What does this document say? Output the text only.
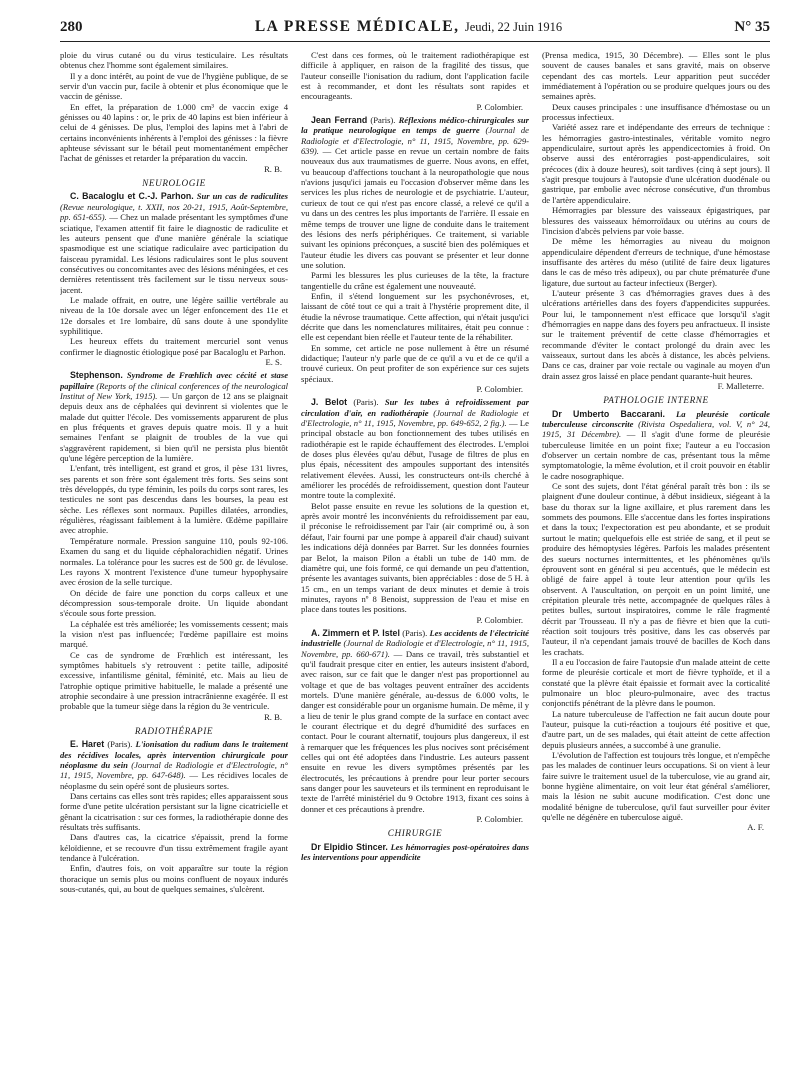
280	LA PRESSE MÉDICALE, Jeudi, 22 Juin 1916	N° 35

ploie du virus cutané ou du virus testiculaire. Les résultats obtenus chez l'homme sont également similaires.

Il y a donc intérêt, au point de vue de l'hygiène publique, de se servir d'un vaccin pur, facile à obtenir et plus économique que le vaccin de génisse.

En effet, la préparation de 1.000 cm³ de vaccin exige 4 génisses ou 40 lapins : or, le prix de 40 lapins est bien inférieur à celui de 4 génisses. De plus, l'emploi des lapins met à l'abri de certains inconvénients inhérents à l'emploi des génisses : la fièvre aphteuse sévissant sur le bétail peut momentanément empêcher l'achat de génisses et retarder la préparation du vaccin.

R. B.
NEUROLOGIE

C. Bacaloglu et C.-J. Parhon. Sur un cas de radiculites (Revue neurologique, t. XXII, nos 20-21, 1915, Août-Septembre, pp. 651-655). — Chez un malade présentant les symptômes d'une sciatique, l'examen attentif fit faire le diagnostic de radiculite et les auteurs pensent que d'une manière générale la sciatique spasmodique est une sciatique radiculaire avec participation du faisceau pyramidal. Les lésions radiculaires sont le plus souvent consécutives ou concomitantes avec des lésions méningées, et ces dernières retentissent très facilement sur le tissu nerveux sous-jacent.

Le malade offrait, en outre, une légère saillie vertébrale au niveau de la 10e dorsale avec un léger enfoncement des 11e et 12e dorsales et 1re lombaire, dû sans doute à une spondylite syphilitique.

Les heureux effets du traitement mercuriel sont venus confirmer le diagnostic étiologique posé par Bacaloglu et Parhon.

E. S.

Stephenson. Syndrome de Frœhlich avec cécité et stase papillaire (Reports of the clinical conferences of the neurological Institut of New York, 1915). — Un garçon de 12 ans se plaignait depuis deux ans de céphalées qui devinrent si violentes que le malade dut quitter l'école. Des vomissements apparurent de plus en plus fréquents et graves depuis quatre mois. Il y a huit semaines l'enfant se plaignit de troubles de la vue qui s'aggravèrent rapidement, si bien qu'il ne persista plus bientôt qu'une légère perception de la lumière.

L'enfant, très intelligent, est grand et gros, il pèse 131 livres, ses parents et son frère sont également très forts. Ses seins sont très développés, du type féminin, les poils du corps sont rares, les testicules ne sont pas descendus dans les bourses, la peau est sèche. Les réflexes sont normaux. Pupilles dilatées, arrondies, régulières, réagissant faiblement à la lumière. Œdème papillaire avec atrophie.

Température normale. Pression sanguine 110, pouls 92-106. Examen du sang et du liquide céphalorachidien négatif. Urines normales. La tolérance pour les sucres est de 500 gr. de lévulose. Les rayons X montrent l'existence d'une tumeur hypophysaire avec érosion de la selle turcique.

On décide de faire une ponction du corps calleux et une décompression sous-temporale droite. Un liquide abondant s'écoule sous forte pression.

La céphalée est très améliorée; les vomissements cessent; mais la vision n'est pas influencée; l'œdème papillaire est moins marqué.

Ce cas de syndrome de Frœhlich est intéressant, les symptômes habituels s'y retrouvent : petite taille, adiposité excessive, infantilisme génital, féminité, etc. Mais au lieu de l'atrophie optique primitive habituelle, le malade a présenté une atrophie secondaire à une pression intracrânienne exagérée. Il est probable que la tumeur siège dans la région du 3e ventricule.

R. B.
RADIOTHÉRAPIE

E. Haret (Paris). L'ionisation du radium dans le traitement des récidives locales, après intervention chirurgicale pour néoplasme du sein (Journal de Radiologie et d'Electrologie, n° 11, 1915, Novembre, pp. 647-648). — Les récidives locales de néoplasme du sein opéré sont de plusieurs sortes.

Dans certains cas elles sont très rapides; elles apparaissent sous forme d'une petite ulcération persistant sur la ligne cicatricielle et gênant la cicatrisation : sur ces formes, la radiothérapie donne des résultats très suffisants.

Dans d'autres cas, la cicatrice s'épaissit, prend la forme kéloïdienne, et se recouvre d'un tissu extrêmement fragile ayant tendance à l'ulcération.

Enfin, d'autres fois, on voit apparaître sur toute la région thoracique un semis plus ou moins confluent de noyaux indurés sous-cutanés, qui, au bout de quelques semaines, s'ulcèrent.

C'est dans ces formes, où le traitement radiothérapique est difficile à appliquer, en raison de la fragilité des tissus, que l'auteur conseille l'ionisation du radium, dont l'application facile est à recommander, et dont les résultats sont rapides et encourageants.

P. Colombier.

Jean Ferrand (Paris). Réflexions médico-chirurgicales sur la pratique neurologique en temps de guerre (Journal de Radiologie et d'Electrologie, n° 11, 1915, Novembre, pp. 629-639). — Cet article passe en revue un certain nombre de faits nouveaux dus aux traumatismes de guerre. Nous avons, en effet, vu beaucoup d'affections touchant à la neuropathologie que nous n'avions jusqu'ici jamais eu l'occasion d'observer même dans les services les plus riches de neurologie et de psychiatrie. L'auteur, curieux de tout ce qui n'est pas encore classé, a relevé ce qu'il a vu dans un des centres les plus importants de l'arrière. Il essaie en même temps de trouver une ligne de conduite dans le traitement des lésions des nerfs périphériques. Ce traitement, si variable suivant les opinions préconçues, a suscité bien des polémiques et l'auteur étudie les divers cas pouvant se présenter et leur donne une solution.

Parmi les blessures les plus curieuses de la tête, la fracture tangentielle du crâne est également une nouveauté.

Enfin, il s'étend longuement sur les psychonévroses, et, laissant de côté tout ce qui a trait à l'hystérie proprement dite, il étudie la névrose traumatique. Cette affection, qui n'était jusqu'ici décrite que dans les nomenclatures militaires, était peu connue : elle est cependant bien réelle et l'auteur tente de la réhabiliter.

En somme, cet article ne pose nullement à être un résumé didactique; l'auteur n'y parle que de ce qu'il a vu et de ce qu'il a trouvé curieux. On peut profiter de son expérience sur ces sujets spéciaux.

P. Colombier.

J. Belot (Paris). Sur les tubes à refroidissement par circulation d'air, en radiothérapie (Journal de Radiologie et d'Electrologie, n° 11, 1915, Novembre, pp. 649-652, 2 fig.). — Le principal obstacle au bon fonctionnement des tubes utilisés en radiothérapie est le rapide échauffement des électrodes. L'emploi de doses plus élevées qu'au début, l'usage de filtres de plus en plus épais, nécessitent des ampoules supportant des intensités relativement élevées. Aussi, les constructeurs ont-ils cherché à améliorer les procédés de refroidissement, question dont l'auteur montre toute la complexité.

Belot passe ensuite en revue les solutions de la question et, après avoir montré les inconvénients du refroidissement par eau, il préconise le refroidissement par l'air (air comprimé ou, à son défaut, l'air fourni par une pompe à appareil d'air chaud) suivant les indications déjà données par Barret. Sur les données fournies par Belot, la maison Pilon a établi un tube de 140 mm. de diamètre qui, une fois formé, ce qui demande un peu d'attention, présente les avantages suivants, bien appréciables : dose de 5 H. à 15 cm., en un temps variant de deux minutes et demie à trois minutes, rayons nº 8 Benoist, suppression de l'eau et mise en place dans toutes les positions.

P. Colombier.

A. Zimmern et P. Istel (Paris). Les accidents de l'électricité industrielle (Journal de Radiologie et d'Electrologie, n° 11, 1915, Novembre, pp. 660-671). — Dans ce travail, très substantiel et qu'il faudrait presque citer en entier, les auteurs insistent d'abord, avec raison, sur ce fait que le danger n'est pas proportionnel au voltage et que de bas voltages peuvent entraîner des accidents mortels. D'une manière générale, au-dessus de 6.000 volts, le danger est considérable pour un organisme humain. De même, il y a lieu de tenir le plus grand compte de la surface en contact avec le courant électrique et du degré d'humidité des surfaces en contact. Pour le courant alternatif, toujours plus dangereux, il est à remarquer que les fréquences les plus nocives sont précisément celles qui ont été adoptées dans l'industrie. Les auteurs passent ensuite en revue les divers symptômes présentés par les électrocutés, les précautions à prendre pour leur porter secours sans danger pour les sauveteurs et ils terminent en reproduisant le texte de l'arrêté ministériel du 9 Octobre 1913, fixant ces soins à donner et ces précautions à prendre.

P. Colombier.
CHIRURGIE

Dr Elpidio Stincer. Les hémorragies post-opératoires dans les interventions pour appendicite

(Prensa medica, 1915, 30 Décembre). — Elles sont le plus souvent de causes banales et sans gravité, mais on observe cependant des cas mortels. Leur apparition peut succéder immédiatement à l'opération ou se produire quelques jours ou des semaines après.

Deux causes principales : une insuffisance d'hémostase ou un processus infectieux.

Variété assez rare et indépendante des erreurs de technique : les hémorragies gastro-intestinales, véritable vomito negro appendiculaire, surtout après les appendicectomies à froid. On observe aussi des entérorragies post-appendiculaires, soit précoces (dix à douze heures), soit tardives (cinq à sept jours). Il s'agit presque toujours à l'autopsie d'une ulcération duodénale ou gastrique, par embolie avec nécrose consécutive, d'un thrombus de l'artère appendiculaire.

Hémorragies par blessure des vaisseaux épigastriques, par blessures des vaisseaux hémorroïdaux ou utérins au cours de l'incision d'abcès pelviens par voie basse.

De même les hémorragies au niveau du moignon appendiculaire dépendent d'erreurs de technique, d'une hémostase insuffisante des artères du méso (utilité de faire deux ligatures dans le cas de méso très adipeux), ou par chute prématurée d'une ligature, due surtout au facteur infectieux (Berger).

L'auteur présente 3 cas d'hémorragies graves dues à des ulcérations artérielles dans des foyers d'appendicites suppurées. Pour lui, le tamponnement n'est efficace que lorsqu'il s'agit d'hémorragies en nappe dans des foyers peu anfractueux. Il insiste sur le traitement préventif de cette classe d'hémorragies et recommande d'éviter le contact prolongé du drain avec les vaisseaux, surtout dans les abcès à distance, les abcès pelviens. Dans ce cas, drainer par voie rectale ou vaginale au moyen d'un drain assez gros laissé en place pendant quarante-huit heures.

F. Malleterre.
PATHOLOGIE INTERNE

Dr Umberto Baccarani. La pleurésie corticale tuberculeuse circonscrite (Rivista Ospedaliera, vol. V, n° 24, 1915, 31 Décembre). — Il s'agit d'une forme de pleurésie tuberculeuse limitée en un point fixe; l'auteur a eu l'occasion d'observer un certain nombre de cas, présentant tous la même symptomatologie, la même évolution, et il croit pouvoir en établir le cadre nosographique.

Ce sont des sujets, dont l'état général paraît très bon : ils se plaignent d'une douleur continue, à début insidieux, siégeant à la base du thorax sur la ligne axillaire, et plus rarement dans les sommets des poumons. Elle s'accentue dans les fortes inspirations et dans la toux; l'expectoration est peu abondante, et se produit surtout le matin; quelquefois elle est striée de sang, et il peut se produire des hémoptysies légères. Parfois les malades présentent des sueurs nocturnes intermittentes, et les phénomènes qu'ils éprouvent sont en général si peu accentués, que le médecin est obligé de faire appel à toute leur attention pour qu'ils les observent. A l'auscultation, on perçoit en un point limité, une crépitation pleurale très nette, accompagnée de quelques râles à petites bulles, surtout inspiratoires, comme le râle fragmenté décrit par Trousseau. Il n'y a pas de fièvre et bien que la cuti-réaction soit toujours très positive, dans les cas observés par l'auteur, il n'a cependant jamais trouvé de bacilles de Koch dans les crachats.

Il a eu l'occasion de faire l'autopsie d'un malade atteint de cette forme de pleurésie corticale et mort de fièvre typhoïde, et il a constaté que la plèvre était épaissie et formait avec la corticalité pulmonaire un bloc pleuro-pulmonaire, avec des tractus conjonctifs pénétrant de la plèvre dans le poumon.

La nature tuberculeuse de l'affection ne fait aucun doute pour l'auteur, puisque la cuti-réaction a toujours été positive et que, d'autre part, un de ses malades, qui était atteint de cette affection depuis plusieurs années, a succombé à une granulie.

L'évolution de l'affection est toujours très longue, et n'empêche pas les malades de continuer leurs occupations. Si on vient à leur faire suivre le traitement usuel de la tuberculose, vie au grand air, bonne hygiène alimentaire, on voit leur état général s'améliorer, mais la lésion ne subit aucune modification. C'est donc une modalité bénigne de tuberculose, qu'il faut surveiller pour éviter qu'elle ne dégénère en tuberculose aiguë.

A. F.
